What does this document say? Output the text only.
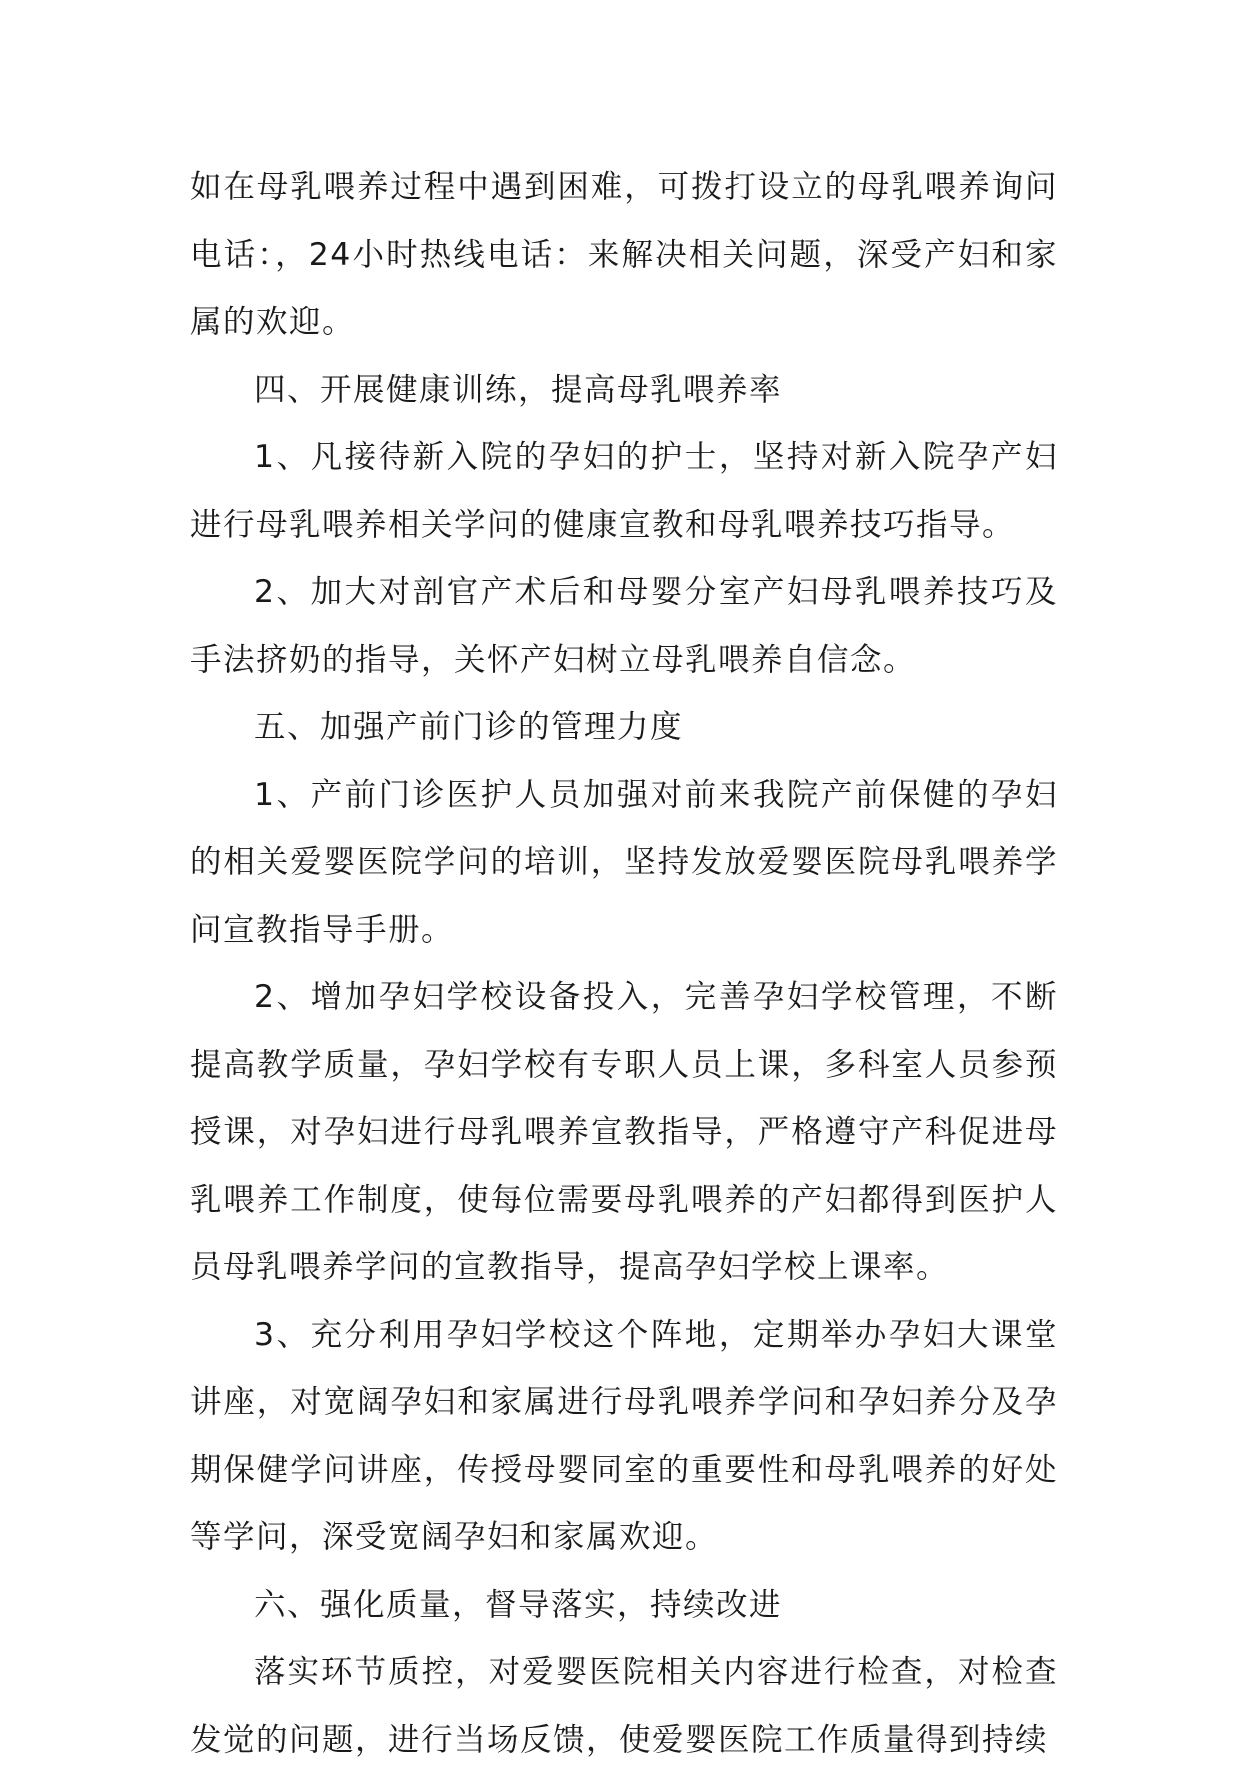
如在母乳喂养过程中遇到困难，可拨打设立的母乳喂养询问电话：，24小时热线电话：来解决相关问题，深受产妇和家属的欢迎。

四、开展健康训练，提高母乳喂养率

1、凡接待新入院的孕妇的护士，坚持对新入院孕产妇进行母乳喂养相关学问的健康宣教和母乳喂养技巧指导。

2、加大对剖官产术后和母婴分室产妇母乳喂养技巧及手法挤奶的指导，关怀产妇树立母乳喂养自信念。

五、加强产前门诊的管理力度

1、产前门诊医护人员加强对前来我院产前保健的孕妇的相关爱婴医院学问的培训，坚持发放爱婴医院母乳喂养学问宣教指导手册。

2、增加孕妇学校设备投入，完善孕妇学校管理，不断提高教学质量，孕妇学校有专职人员上课，多科室人员参预授课，对孕妇进行母乳喂养宣教指导，严格遵守产科促进母乳喂养工作制度，使每位需要母乳喂养的产妇都得到医护人员母乳喂养学问的宣教指导，提高孕妇学校上课率。

3、充分利用孕妇学校这个阵地，定期举办孕妇大课堂讲座，对宽阔孕妇和家属进行母乳喂养学问和孕妇养分及孕期保健学问讲座，传授母婴同室的重要性和母乳喂养的好处等学问，深受宽阔孕妇和家属欢迎。

六、强化质量，督导落实，持续改进

落实环节质控，对爱婴医院相关内容进行检查，对检查发觉的问题，进行当场反馈，使爱婴医院工作质量得到持续
